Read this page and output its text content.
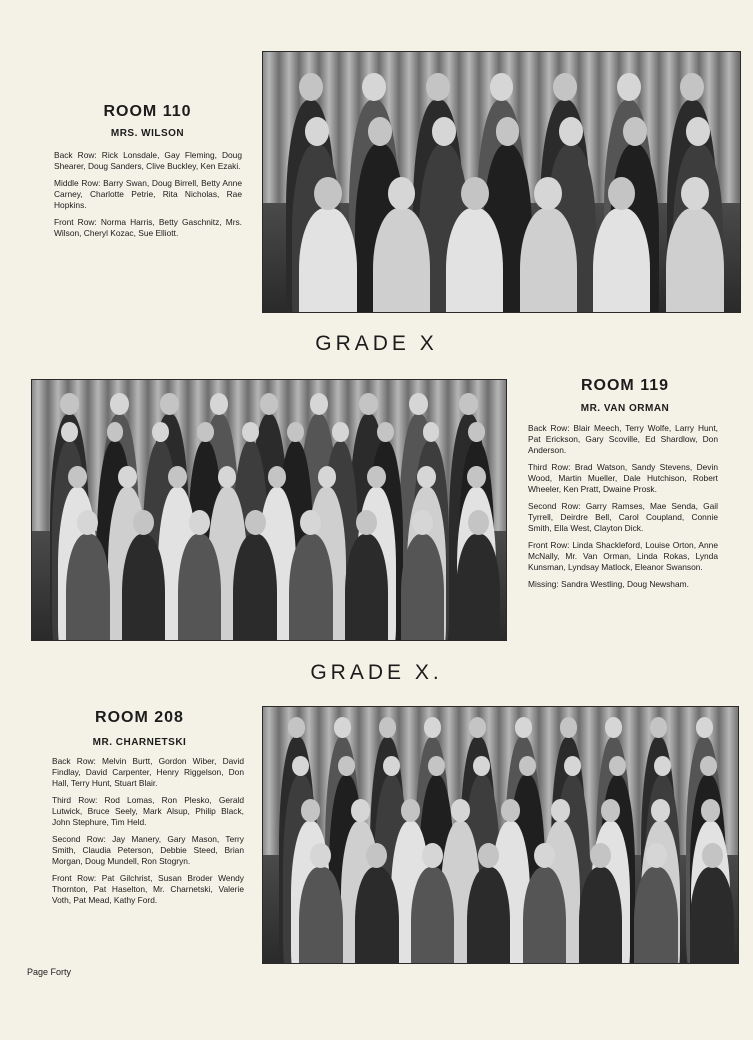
ROOM 110
MRS. WILSON

Back Row: Rick Lonsdale, Gay Fleming, Doug Shearer, Doug Sanders, Clive Buckley, Ken Ezaki.

Middle Row: Barry Swan, Doug Birrell, Betty Anne Carney, Charlotte Petrie, Rita Nicholas, Rae Hopkins.

Front Row: Norma Harris, Betty Gaschnitz, Mrs. Wilson, Cheryl Kozac, Sue Elliott.

GRADE X
ROOM 119
MR. VAN ORMAN

Back Row: Blair Meech, Terry Wolfe, Larry Hunt, Pat Erickson, Gary Scoville, Ed Shardlow, Don Anderson.

Third Row: Brad Watson, Sandy Stevens, Devin Wood, Martin Mueller, Dale Hutchison, Robert Wheeler, Ken Pratt, Dwaine Prosk.

Second Row: Garry Ramses, Mae Senda, Gail Tyrrell, Deirdre Bell, Carol Coupland, Connie Smith, Ella West, Clayton Dick.

Front Row: Linda Shackleford, Louise Orton, Anne McNally, Mr. Van Orman, Linda Rokas, Lynda Kunsman, Lyndsay Matlock, Eleanor Swanson.

Missing: Sandra Westling, Doug Newsham.

GRADE X.
ROOM 208
MR. CHARNETSKI

Back Row: Melvin Burtt, Gordon Wiber, David Findlay, David Carpenter, Henry Riggelson, Don Hall, Terry Hunt, Stuart Blair.

Third Row: Rod Lomas, Ron Plesko, Gerald Lutwick, Bruce Seely, Mark Alsup, Philip Black, John Stephure, Tim Held.

Second Row: Jay Manery, Gary Mason, Terry Smith, Claudia Peterson, Debbie Steed, Brian Morgan, Doug Mundell, Ron Stogryn.

Front Row: Pat Gilchrist, Susan Broder Wendy Thornton, Pat Haselton, Mr. Charnetski, Valerie Voth, Pat Mead, Kathy Ford.

Page Forty
